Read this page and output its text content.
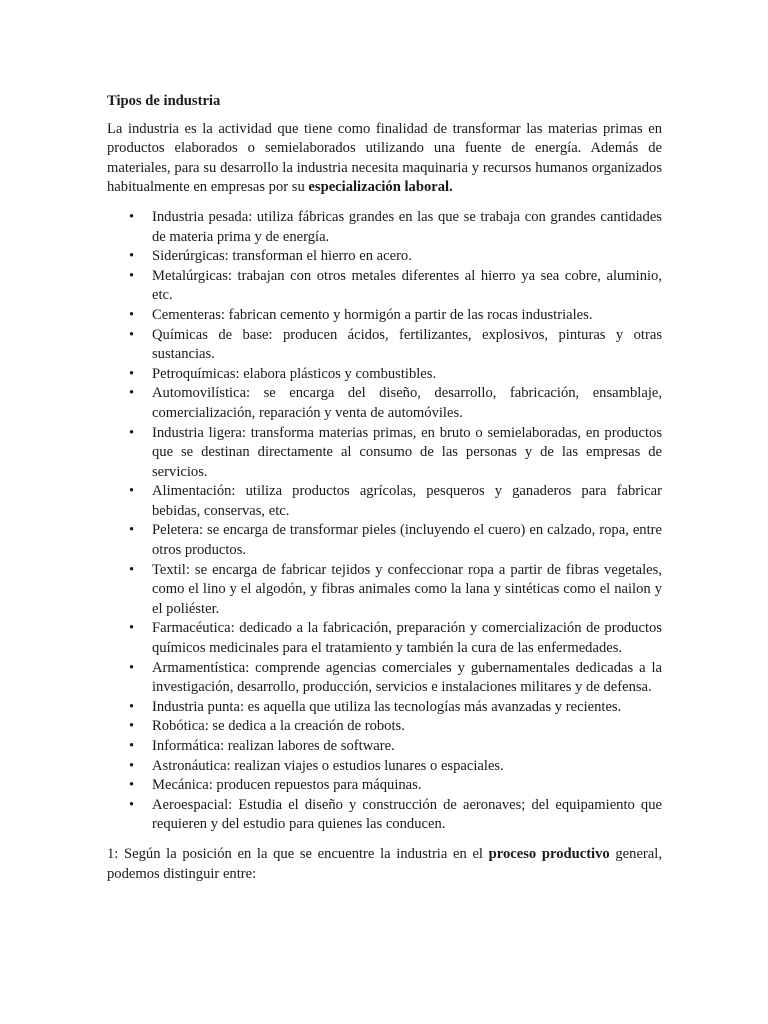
Tipos de industria

La industria es la actividad que tiene como finalidad de transformar las materias primas en productos elaborados o semielaborados utilizando una fuente de energía. Además de materiales, para su desarrollo la industria necesita maquinaria y recursos humanos organizados habitualmente en empresas por su especialización laboral.

• Industria pesada: utiliza fábricas grandes en las que se trabaja con grandes cantidades de materia prima y de energía.
• Siderúrgicas: transforman el hierro en acero.
• Metalúrgicas: trabajan con otros metales diferentes al hierro ya sea cobre, aluminio, etc.
• Cementeras: fabrican cemento y hormigón a partir de las rocas industriales.
• Químicas de base: producen ácidos, fertilizantes, explosivos, pinturas y otras sustancias.
• Petroquímicas: elabora plásticos y combustibles.
• Automovilística: se encarga del diseño, desarrollo, fabricación, ensamblaje, comercialización, reparación y venta de automóviles.
• Industria ligera: transforma materias primas, en bruto o semielaboradas, en productos que se destinan directamente al consumo de las personas y de las empresas de servicios.
• Alimentación: utiliza productos agrícolas, pesqueros y ganaderos para fabricar bebidas, conservas, etc.
• Peletera: se encarga de transformar pieles (incluyendo el cuero) en calzado, ropa, entre otros productos.
• Textil: se encarga de fabricar tejidos y confeccionar ropa a partir de fibras vegetales, como el lino y el algodón, y fibras animales como la lana y sintéticas como el nailon y el poliéster.
• Farmacéutica: dedicado a la fabricación, preparación y comercialización de productos químicos medicinales para el tratamiento y también la cura de las enfermedades.
• Armamentística: comprende agencias comerciales y gubernamentales dedicadas a la investigación, desarrollo, producción, servicios e instalaciones militares y de defensa.
• Industria punta: es aquella que utiliza las tecnologías más avanzadas y recientes.
• Robótica: se dedica a la creación de robots.
• Informática: realizan labores de software.
• Astronáutica: realizan viajes o estudios lunares o espaciales.
• Mecánica: producen repuestos para máquinas.
• Aeroespacial: Estudia el diseño y construcción de aeronaves; del equipamiento que requieren y del estudio para quienes las conducen.

1: Según la posición en la que se encuentre la industria en el proceso productivo general, podemos distinguir entre:
